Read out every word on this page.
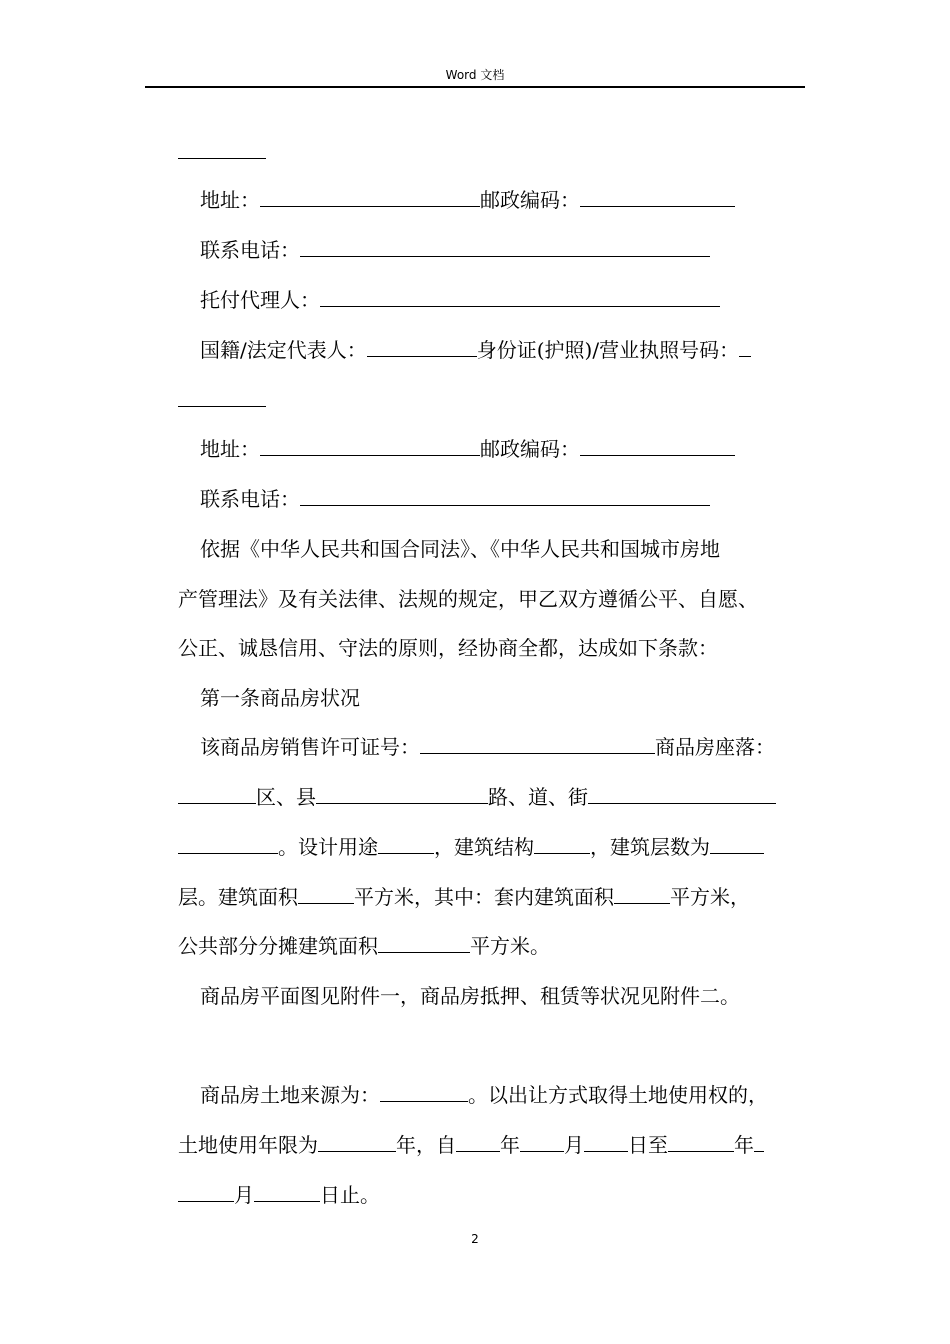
Word 文档
地址：	邮政编码：
联系电话：
托付代理人：
国籍/法定代表人：	身份证(护照)/营业执照号码：
地址：	邮政编码：
联系电话：
依据《中华人民共和国合同法》、《中华人民共和国城市房地
产管理法》及有关法律、法规的规定，甲乙双方遵循公平、自愿、
公正、诚恳信用、守法的原则，经协商全都，达成如下条款：
第一条商品房状况
该商品房销售许可证号：	商品房座落：
区、县	路、道、街
。设计用途	，建筑结构	，建筑层数为
层。建筑面积	平方米，其中：套内建筑面积	平方米，
公共部分分摊建筑面积	平方米。
商品房平面图见附件一，商品房抵押、租赁等状况见附件二。
商品房土地来源为：	。以出让方式取得土地使用权的，
土地使用年限为	年，自 年 月 日至	年
月	日止。
2
